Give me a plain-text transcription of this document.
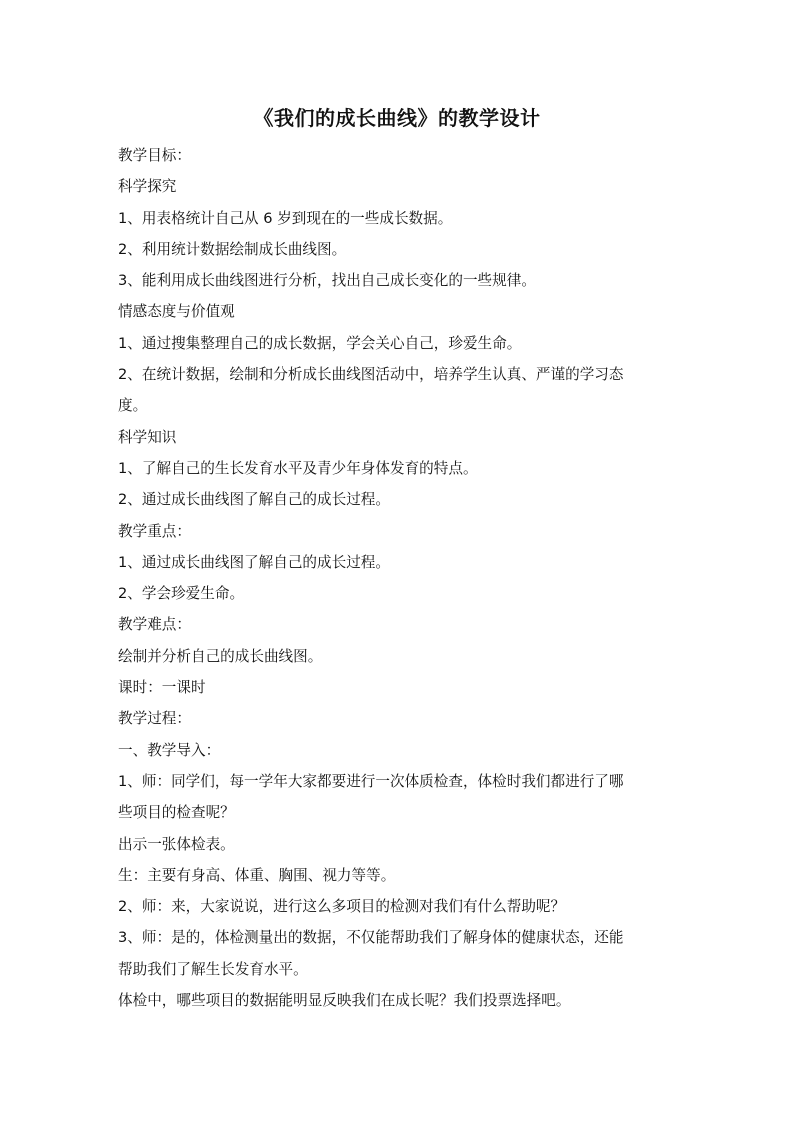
《我们的成长曲线》的教学设计
教学目标：
科学探究
1、用表格统计自己从 6 岁到现在的一些成长数据。
2、利用统计数据绘制成长曲线图。
3、能利用成长曲线图进行分析，找出自己成长变化的一些规律。
情感态度与价值观
1、通过搜集整理自己的成长数据，学会关心自己，珍爱生命。
2、在统计数据，绘制和分析成长曲线图活动中，培养学生认真、严谨的学习态
度。
科学知识
1、了解自己的生长发育水平及青少年身体发育的特点。
2、通过成长曲线图了解自己的成长过程。
教学重点：
1、通过成长曲线图了解自己的成长过程。
2、学会珍爱生命。
教学难点：
绘制并分析自己的成长曲线图。
课时：一课时
教学过程：
一、教学导入：
1、师：同学们，每一学年大家都要进行一次体质检查，体检时我们都进行了哪
些项目的检查呢？
出示一张体检表。
生：主要有身高、体重、胸围、视力等等。
2、师：来，大家说说，进行这么多项目的检测对我们有什么帮助呢？
3、师：是的，体检测量出的数据，不仅能帮助我们了解身体的健康状态，还能
帮助我们了解生长发育水平。
体检中，哪些项目的数据能明显反映我们在成长呢？我们投票选择吧。
